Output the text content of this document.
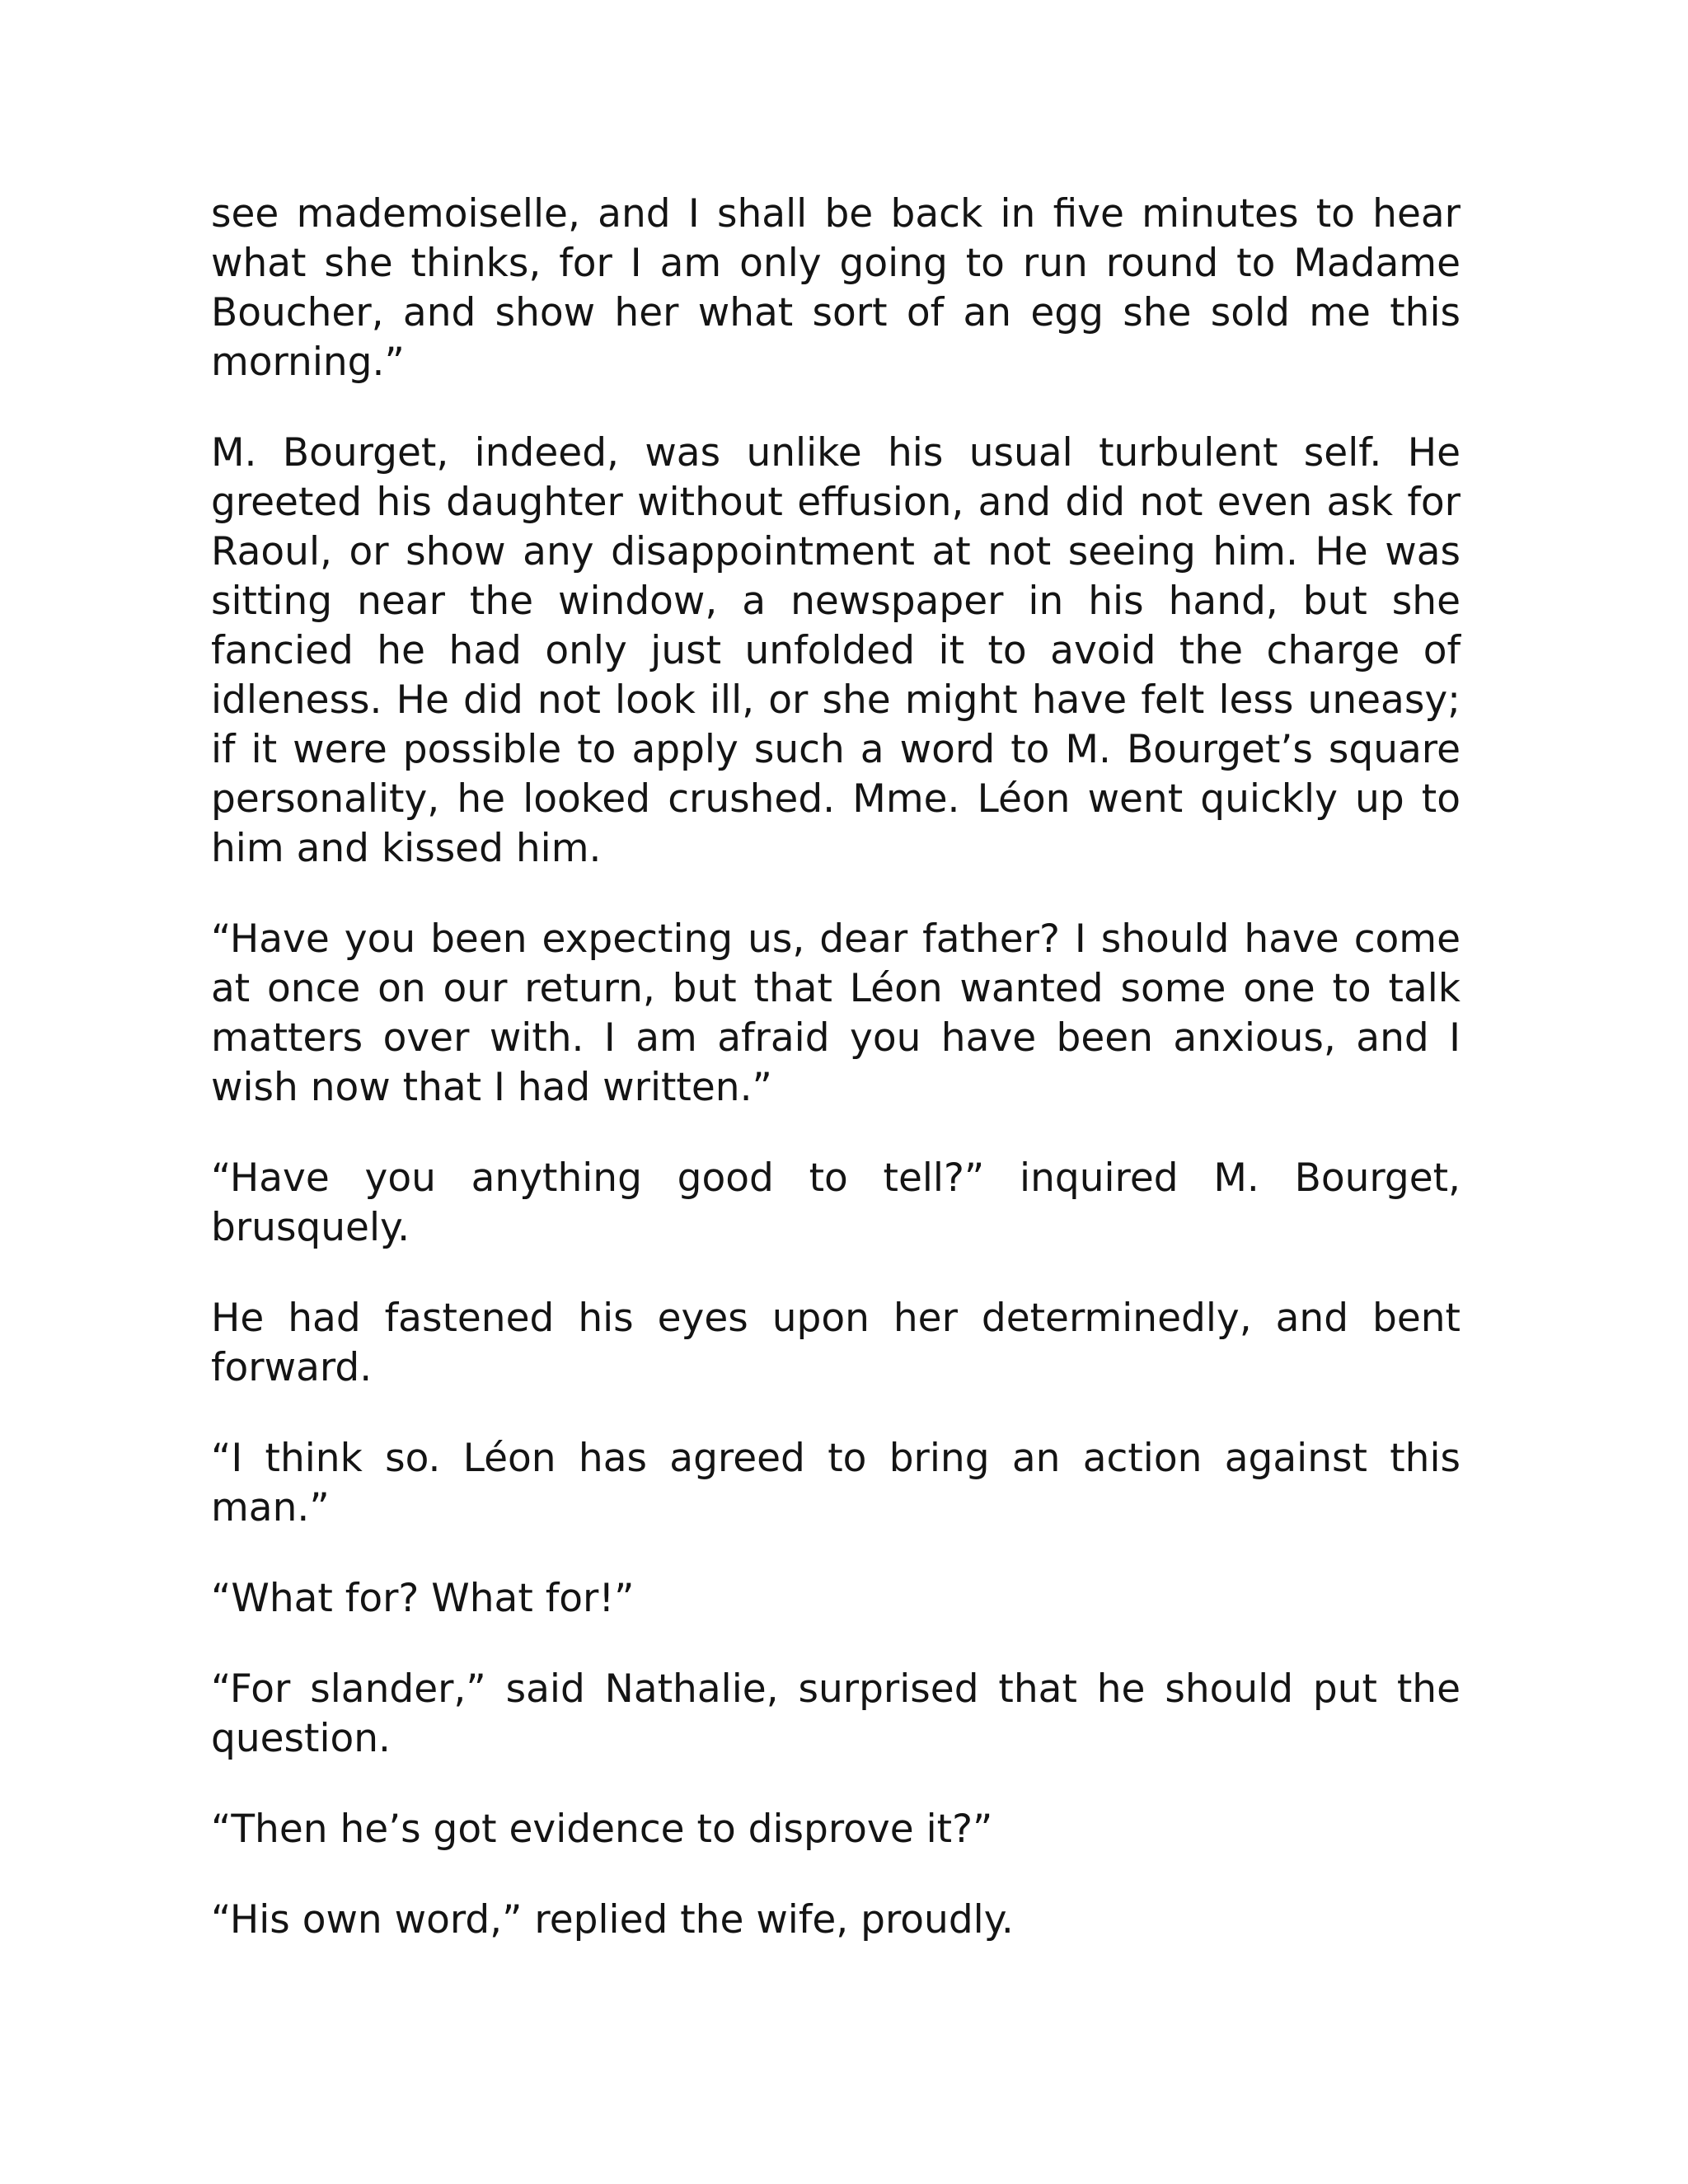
see mademoiselle, and I shall be back in five minutes to hear what she thinks, for I am only going to run round to Madame Boucher, and show her what sort of an egg she sold me this morning.”

M. Bourget, indeed, was unlike his usual turbulent self. He greeted his daughter without effusion, and did not even ask for Raoul, or show any disappointment at not seeing him. He was sitting near the window, a newspaper in his hand, but she fancied he had only just unfolded it to avoid the charge of idleness. He did not look ill, or she might have felt less uneasy; if it were possible to apply such a word to M. Bourget’s square personality, he looked crushed. Mme. Léon went quickly up to him and kissed him.

“Have you been expecting us, dear father? I should have come at once on our return, but that Léon wanted some one to talk matters over with. I am afraid you have been anxious, and I wish now that I had written.”

“Have you anything good to tell?” inquired M. Bourget, brusquely.

He had fastened his eyes upon her determinedly, and bent forward.

“I think so. Léon has agreed to bring an action against this man.”

“What for? What for!”

“For slander,” said Nathalie, surprised that he should put the question.

“Then he’s got evidence to disprove it?”

“His own word,” replied the wife, proudly.
